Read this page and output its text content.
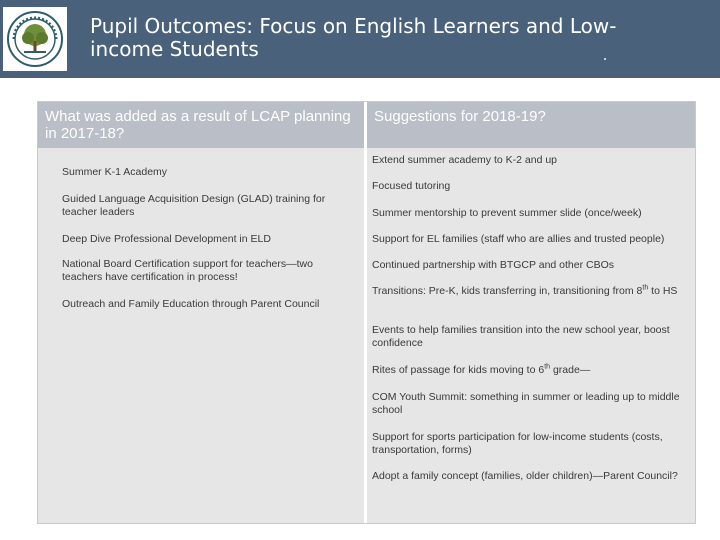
Pupil Outcomes: Focus on English Learners and Low-income Students
What was added as a result of LCAP planning in 2017-18?
Suggestions for 2018-19?
Summer K-1 Academy
Guided Language Acquisition Design (GLAD) training for teacher leaders
Deep Dive Professional Development in ELD
National Board Certification support for teachers—two teachers have certification in process!
Outreach and Family Education through Parent Council
Extend summer academy to K-2 and up
Focused tutoring
Summer mentorship to prevent summer slide (once/week)
Support for EL families (staff who are allies and trusted people)
Continued partnership with BTGCP and other CBOs
Transitions: Pre-K, kids transferring in, transitioning from 8th to HS
Events to help families transition into the new school year, boost confidence
Rites of passage for kids moving to 6th grade—
COM Youth Summit: something in summer or leading up to middle school
Support for sports participation for low-income students (costs, transportation, forms)
Adopt a family concept (families, older children)—Parent Council?
